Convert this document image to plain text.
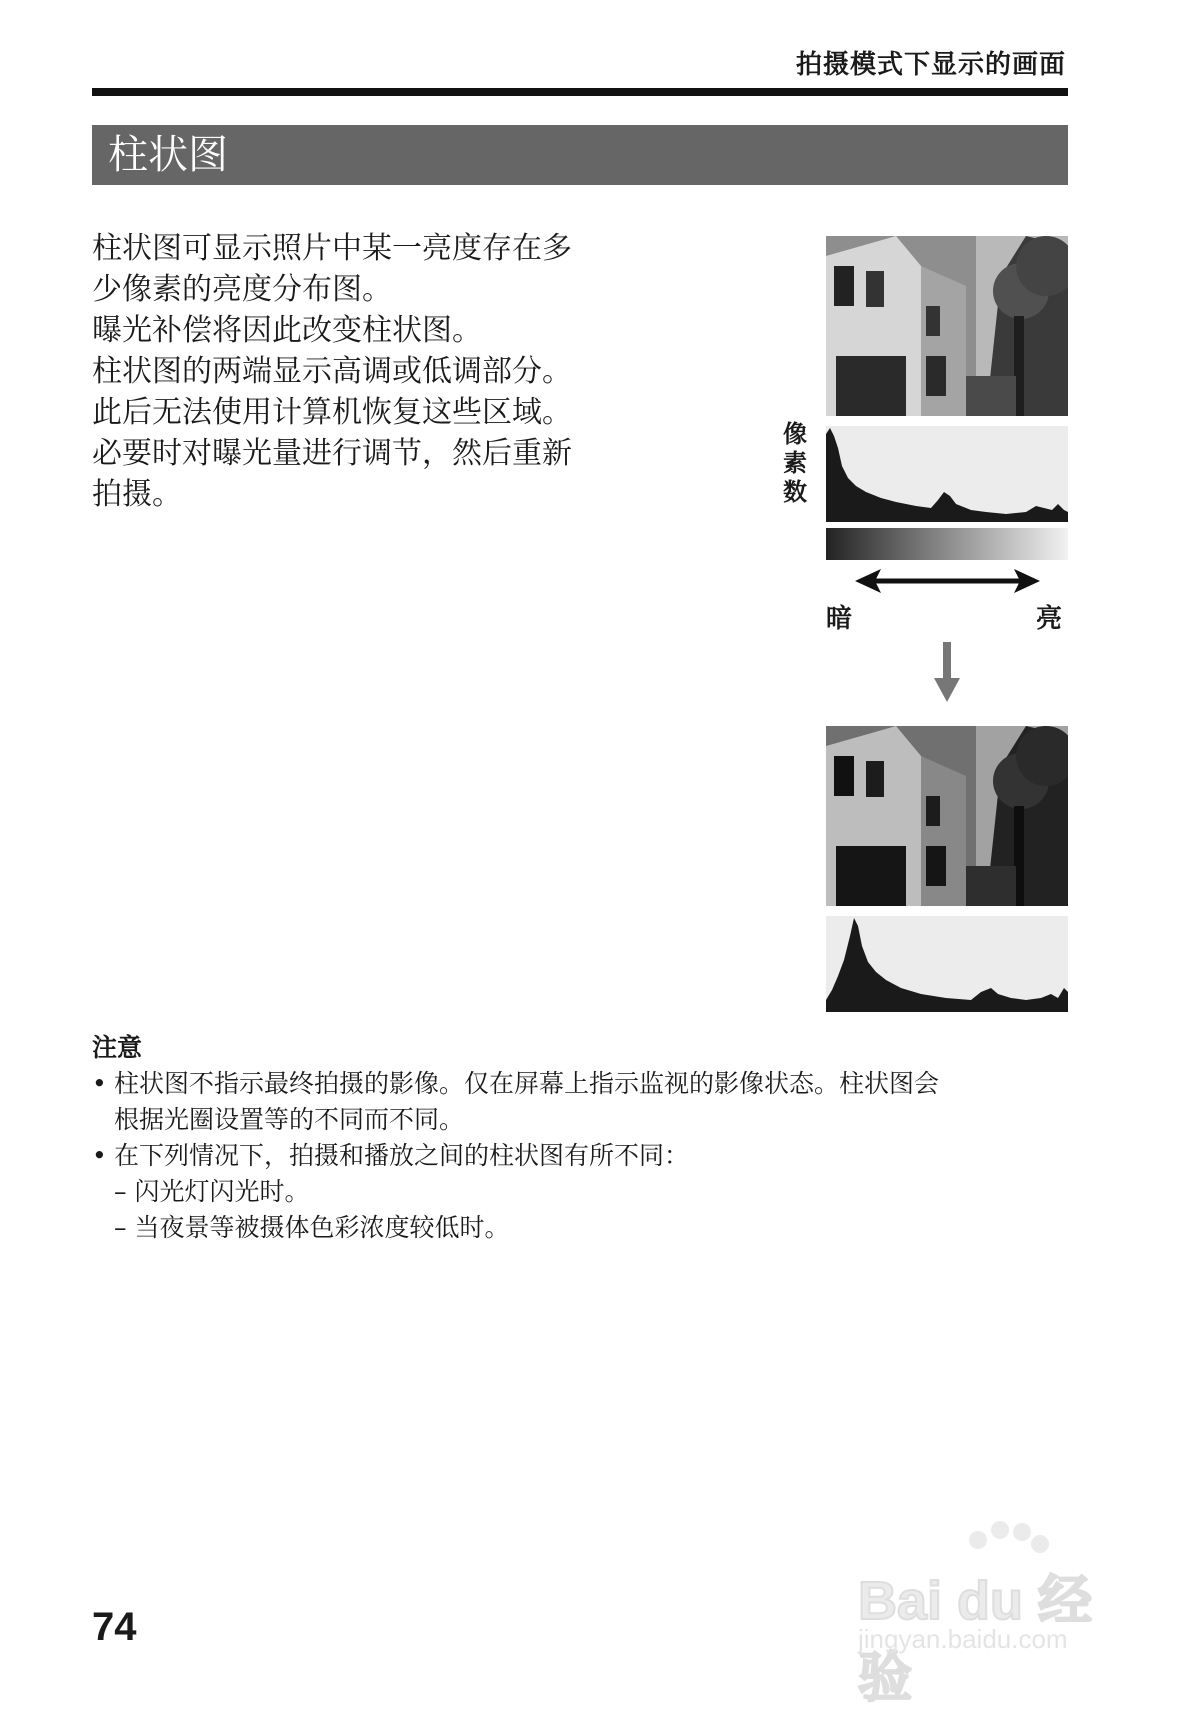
拍摄模式下显示的画面
柱状图

柱状图可显示照片中某一亮度存在多

少像素的亮度分布图。

曝光补偿将因此改变柱状图。

柱状图的两端显示高调或低调部分。

此后无法使用计算机恢复这些区域。

必要时对曝光量进行调节，然后重新

拍摄。

像素数
暗	亮
注意
• 柱状图不指示最终拍摄的影像。仅在屏幕上指示监视的影像状态。柱状图会
根据光圈设置等的不同而不同。
• 在下列情况下，拍摄和播放之间的柱状图有所不同：
– 闪光灯闪光时。
– 当夜景等被摄体色彩浓度较低时。
74	Bai du 经验
jingyan.baidu.com
